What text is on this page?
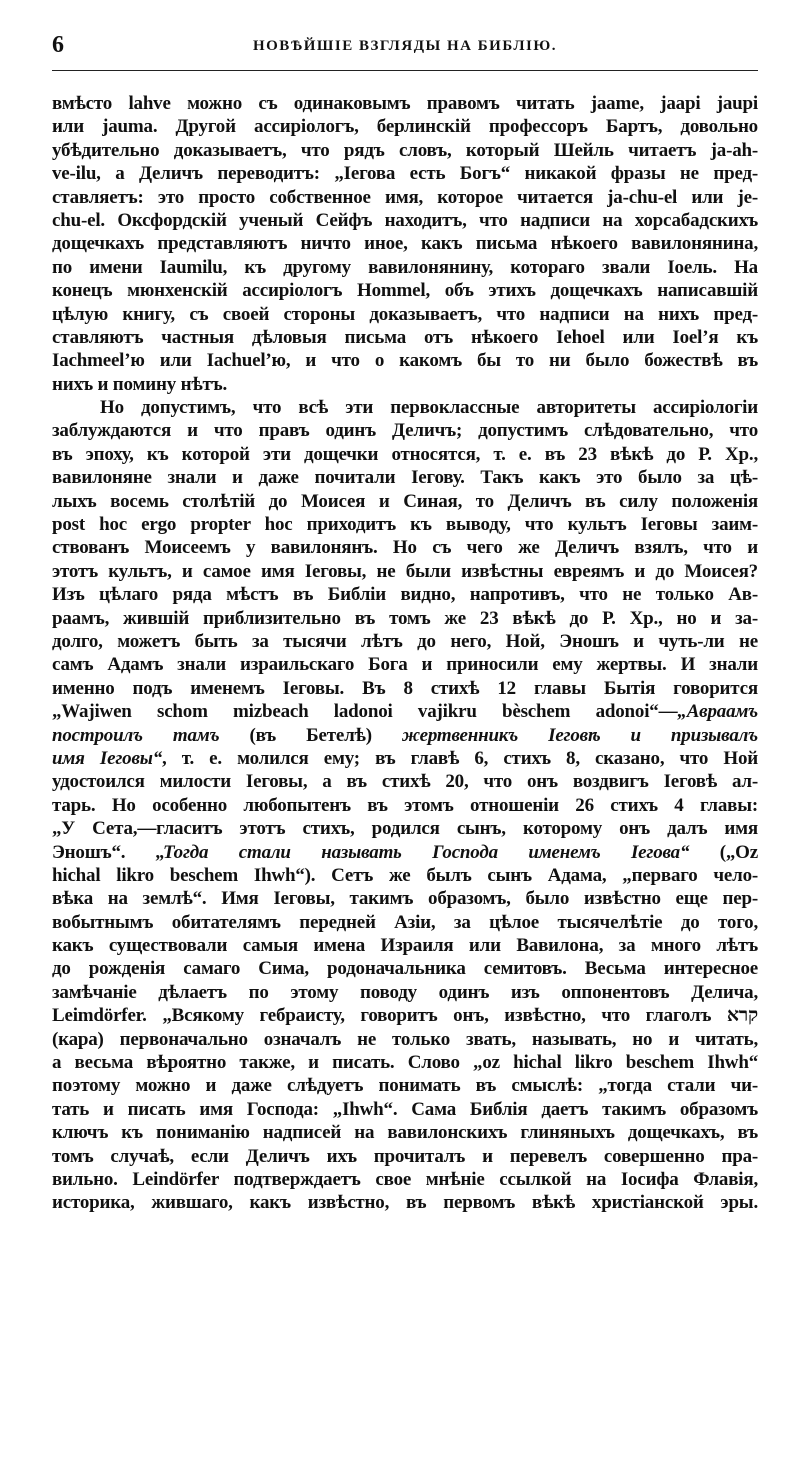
6	НОВѢЙШІЕ ВЗГЛЯДЫ НА БИБЛІЮ.
вмѣсто lahve можно съ одинаковымъ правомъ читать jaame, jaapi jaupi
или jauma. Другой ассиріологъ, берлинскій профессоръ Бартъ, довольно
убѣдительно доказываетъ, что рядъ словъ, который Шейль читаетъ ja-ah-
ve-ilu, а Деличъ переводитъ: „Іегова есть Богъ“ никакой фразы не пред-
ставляетъ: это просто собственное имя, которое читается ja-chu-el или je-
chu-el. Оксфордскій ученый Сейфъ находитъ, что надписи на хорсабадскихъ
дощечкахъ представляютъ ничто иное, какъ письма нѣкоего вавилонянина,
по имени Iaumilu, къ другому вавилонянину, котораго звали Іоель. На
конецъ мюнхенскій ассиріологъ Hommel, объ этихъ дощечкахъ написавшій
цѣлую книгу, съ своей стороны доказываетъ, что надписи на нихъ пред-
ставляютъ частныя дѣловыя письма отъ нѣкоего Iehoel или Ioel’я къ
Iachmeel’ю или Iachuel’ю, и что о какомъ бы то ни было божествѣ въ
нихъ и помину нѣтъ.
Но допустимъ, что всѣ эти первоклассные авторитеты ассиріологіи
заблуждаются и что правъ одинъ Деличъ; допустимъ слѣдовательно, что
въ эпоху, къ которой эти дощечки относятся, т. е. въ 23 вѣкѣ до Р. Хр.,
вавилоняне знали и даже почитали Іегову. Такъ какъ это было за цѣ-
лыхъ восемь столѣтій до Моисея и Синая, то Деличъ въ силу положенія
post hoc ergo propter hoc приходитъ къ выводу, что культъ Іеговы заим-
ствованъ Моисеемъ у вавилонянъ. Но съ чего же Деличъ взялъ, что и
этотъ культъ, и самое имя Іеговы, не были извѣстны евреямъ и до Моисея?
Изъ цѣлаго ряда мѣстъ въ Библіи видно, напротивъ, что не только Ав-
раамъ, жившій приблизительно въ томъ же 23 вѣкѣ до Р. Хр., но и за-
долго, можетъ быть за тысячи лѣтъ до него, Ной, Эношъ и чуть-ли не
самъ Адамъ знали израильскаго Бога и приносили ему жертвы. И знали
именно подъ именемъ Іеговы. Въ 8 стихѣ 12 главы Бытія говорится
„Wajiwen schom mizbeach ladonoi vajikru bèschem adonoi“—„Авраамъ
построилъ тамъ (въ Бетелѣ) жертвенникъ Іеговѣ и призывалъ
имя Іеговы“, т. е. молился ему; въ главѣ 6, стихъ 8, сказано, что Ной
удостоился милости Іеговы, а въ стихѣ 20, что онъ воздвигъ Іеговѣ ал-
тарь. Но особенно любопытенъ въ этомъ отношеніи 26 стихъ 4 главы:
„У Сета,—гласитъ этотъ стихъ, родился сынъ, которому онъ далъ имя
Эношъ“. „Тогда стали называть Господа именемъ Іегова“ („Oz
hichal likro beschem Ihwh“). Сетъ же былъ сынъ Адама, „перваго чело-
вѣка на землѣ“. Имя Іеговы, такимъ образомъ, было извѣстно еще пер-
вобытнымъ обитателямъ передней Азіи, за цѣлое тысячелѣтіе до того,
какъ существовали самыя имена Израиля или Вавилона, за много лѣтъ
до рожденія самаго Сима, родоначальника семитовъ. Весьма интересное
замѣчаніе дѣлаетъ по этому поводу одинъ изъ оппонентовъ Делича,
Leimdörfer. „Всякому гебраисту, говоритъ онъ, извѣстно, что глаголъ קרא
(кара) первоначально означалъ не только звать, называть, но и читать,
а весьма вѣроятно также, и писать. Слово „oz hichal likro beschem Ihwh“
поэтому можно и даже слѣдуетъ понимать въ смыслѣ: „тогда стали чи-
тать и писать имя Господа: „Ihwh“. Сама Библія даетъ такимъ образомъ
ключъ къ пониманію надписей на вавилонскихъ глиняныхъ дощечкахъ, въ
томъ случаѣ, если Деличъ ихъ прочиталъ и перевелъ совершенно пра-
вильно. Leindörfer подтверждаетъ свое мнѣніе ссылкой на Іосифа Флавія,
историка, жившаго, какъ извѣстно, въ первомъ вѣкѣ христіанской эры.
